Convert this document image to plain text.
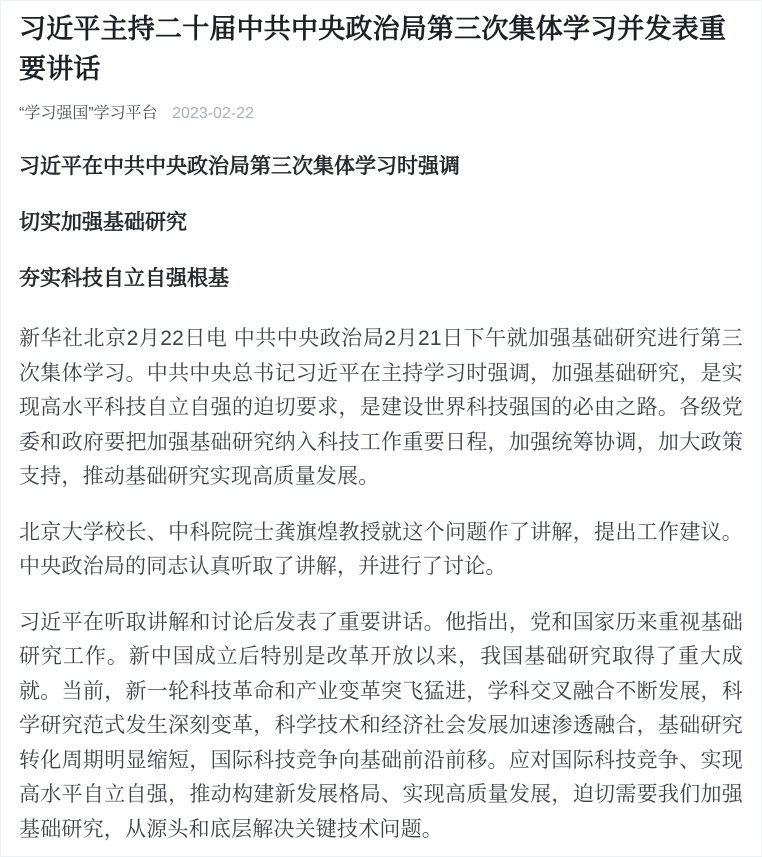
习近平主持二十届中共中央政治局第三次集体学习并发表重要讲话
“学习强国”学习平台 2023-02-22
习近平在中共中央政治局第三次集体学习时强调
切实加强基础研究
夯实科技自立自强根基

新华社北京2月22日电 中共中央政治局2月21日下午就加强基础研究进行第三次集体学习。中共中央总书记习近平在主持学习时强调，加强基础研究，是实现高水平科技自立自强的迫切要求，是建设世界科技强国的必由之路。各级党委和政府要把加强基础研究纳入科技工作重要日程，加强统筹协调，加大政策支持，推动基础研究实现高质量发展。

北京大学校长、中科院院士龚旗煌教授就这个问题作了讲解，提出工作建议。中央政治局的同志认真听取了讲解，并进行了讨论。

习近平在听取讲解和讨论后发表了重要讲话。他指出，党和国家历来重视基础研究工作。新中国成立后特别是改革开放以来，我国基础研究取得了重大成就。当前，新一轮科技革命和产业变革突飞猛进，学科交叉融合不断发展，科学研究范式发生深刻变革，科学技术和经济社会发展加速渗透融合，基础研究转化周期明显缩短，国际科技竞争向基础前沿前移。应对国际科技竞争、实现高水平自立自强，推动构建新发展格局、实现高质量发展，迫切需要我们加强基础研究，从源头和底层解决关键技术问题。
